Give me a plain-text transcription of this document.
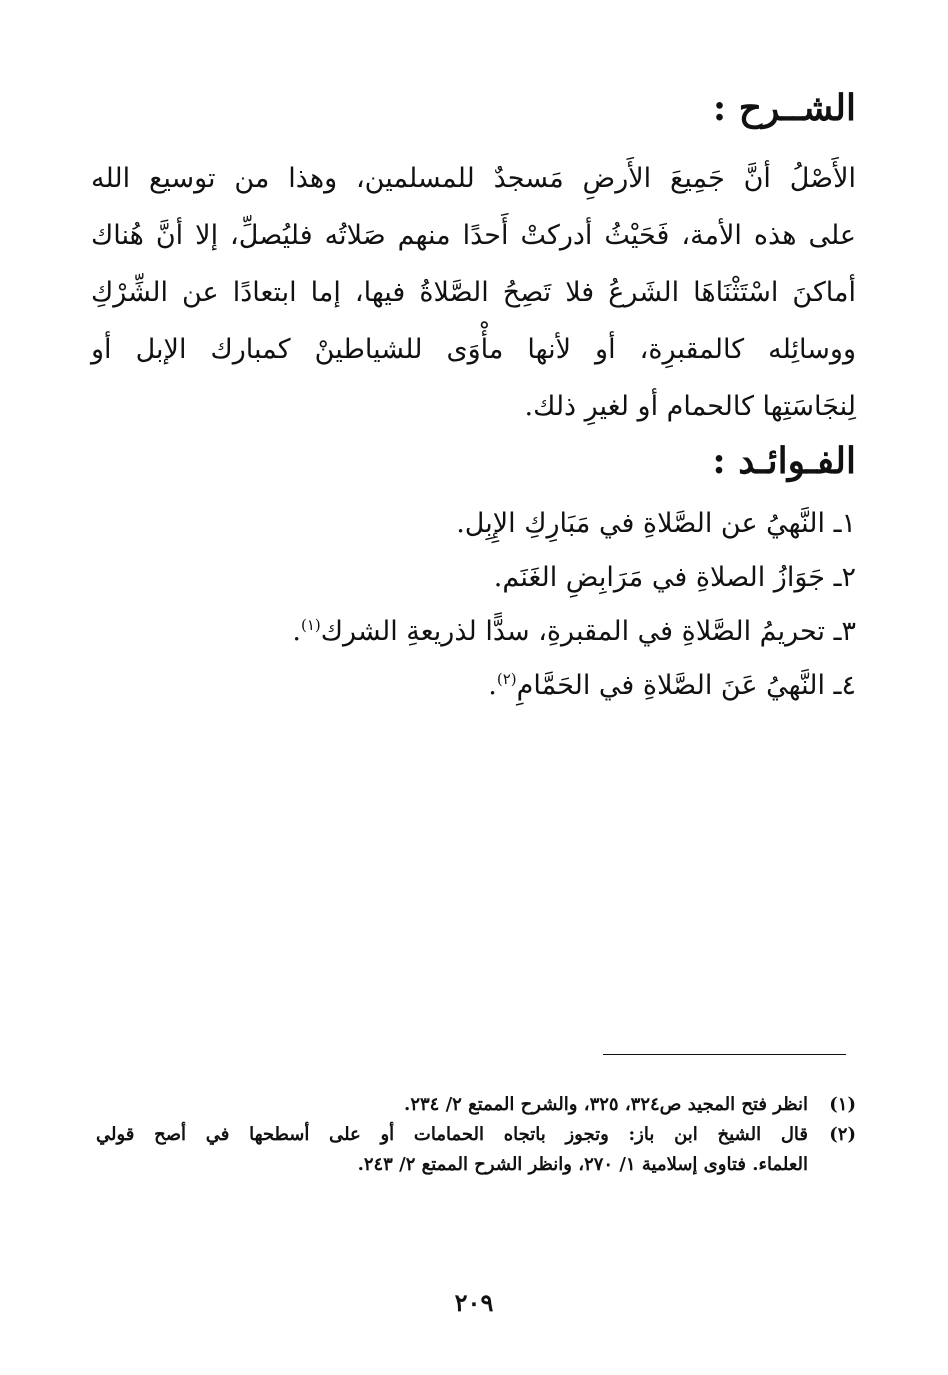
الشــرح :
الأَصْلُ أنَّ جَمِيعَ الأَرضِ مَسجدٌ للمسلمين، وهذا من توسيع الله
على هذه الأمة، فَحَيْثُ أدركتْ أَحدًا منهم صَلاتُه فليُصلِّ، إلا أنَّ هُناك
أماكنَ اسْتَثْنَاهَا الشَرعُ فلا تَصِحُ الصَّلاةُ فيها، إما ابتعادًا عن الشِّرْكِ
ووسائِله كالمقبرِة، أو لأنها مأْوَى للشياطينْ كمبارك الإبل أو
لِنجَاسَتِها كالحمام أو لغيرِ ذلك.
الفـوائـد :
١ـ النَّهيُ عن الصَّلاةِ في مَبَارِكِ الإِبِل.
٢ـ جَوَازُ الصلاةِ في مَرَابِضِ الغَنَم.
٣ـ تحريمُ الصَّلاةِ في المقبرةِ، سدًّا لذريعةِ الشرك$^{(١)}$.
٤ـ النَّهيُ عَنَ الصَّلاةِ في الحَمَّامِ$^{(٢)}$.
(١)
انظر فتح المجيد ص٣٢٤، ٣٢٥، والشرح الممتع ٢/ ٢٣٤.
(٢)
قال الشيخ ابن باز: وتجوز باتجاه الحمامات أو على أسطحها في أصح قولي
العلماء. فتاوى إسلامية ١/ ٢٧٠، وانظر الشرح الممتع ٢/ ٢٤٣.
٢٠٩
